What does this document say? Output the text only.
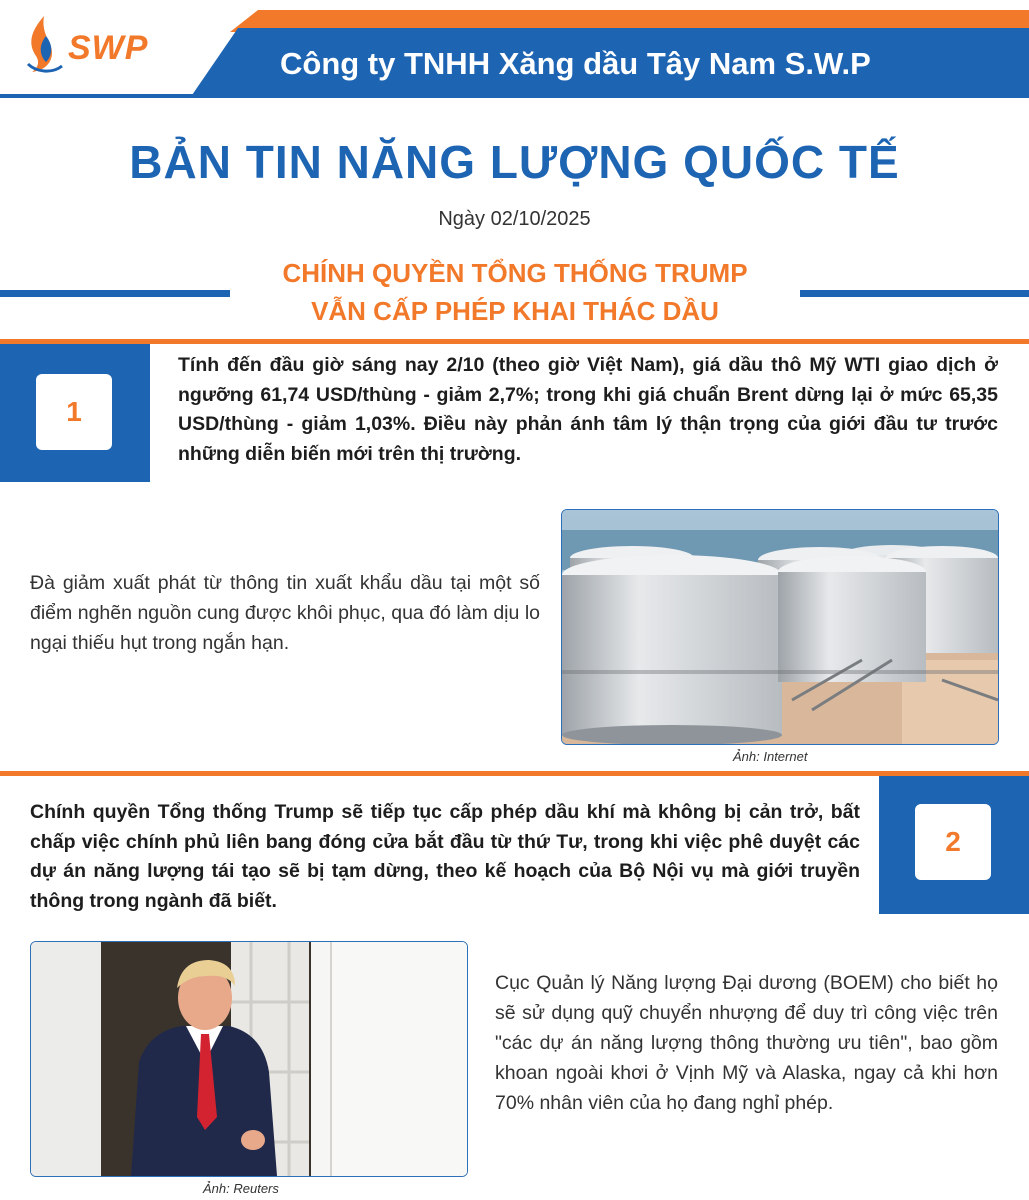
SWP	Công ty TNHH Xăng dầu Tây Nam S.W.P
BẢN TIN NĂNG LƯỢNG QUỐC TẾ
Ngày 02/10/2025
CHÍNH QUYỀN TỔNG THỐNG TRUMP
VẪN CẤP PHÉP KHAI THÁC DẦU
1
Tính đến đầu giờ sáng nay 2/10 (theo giờ Việt Nam), giá dầu thô Mỹ WTI giao dịch ở ngưỡng 61,74 USD/thùng - giảm 2,7%; trong khi giá chuẩn Brent dừng lại ở mức 65,35 USD/thùng - giảm 1,03%. Điều này phản ánh tâm lý thận trọng của giới đầu tư trước những diễn biến mới trên thị trường.
Đà giảm xuất phát từ thông tin xuất khẩu dầu tại một số điểm nghẽn nguồn cung được khôi phục, qua đó làm dịu lo ngại thiếu hụt trong ngắn hạn.
Ảnh: Internet
2
Chính quyền Tổng thống Trump sẽ tiếp tục cấp phép dầu khí mà không bị cản trở, bất chấp việc chính phủ liên bang đóng cửa bắt đầu từ thứ Tư, trong khi việc phê duyệt các dự án năng lượng tái tạo sẽ bị tạm dừng, theo kế hoạch của Bộ Nội vụ mà giới truyền thông trong ngành đã biết.
Ảnh: Reuters
Cục Quản lý Năng lượng Đại dương (BOEM) cho biết họ sẽ sử dụng quỹ chuyển nhượng để duy trì công việc trên "các dự án năng lượng thông thường ưu tiên", bao gồm khoan ngoài khơi ở Vịnh Mỹ và Alaska, ngay cả khi hơn 70% nhân viên của họ đang nghỉ phép.
